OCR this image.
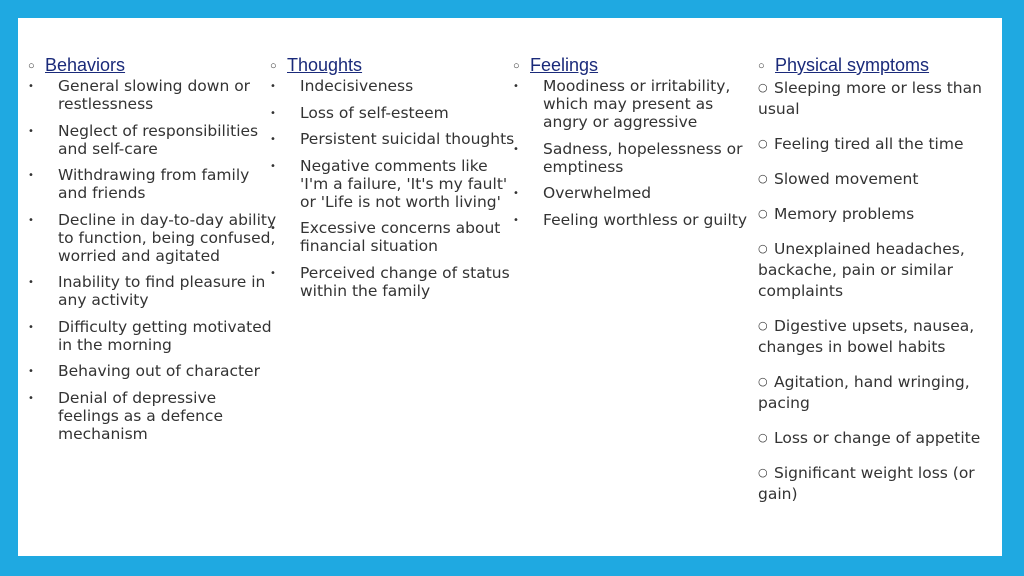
○ Behaviors
• General slowing down or restlessness
• Neglect of responsibilities and self-care
• Withdrawing from family and friends
• Decline in day-to-day ability to function, being confused, worried and agitated
• Inability to find pleasure in any activity
• Difficulty getting motivated in the morning
• Behaving out of character
• Denial of depressive feelings as a defence mechanism
○ Thoughts
• Indecisiveness
• Loss of self-esteem
• Persistent suicidal thoughts
• Negative comments like 'I'm a failure, 'It's my fault' or 'Life is not worth living'
• Excessive concerns about financial situation
• Perceived change of status within the family
○ Feelings
• Moodiness or irritability, which may present as angry or aggressive
• Sadness, hopelessness or emptiness
• Overwhelmed
• Feeling worthless or guilty
○ Physical symptoms
○ Sleeping more or less than usual
○ Feeling tired all the time
○ Slowed movement
○ Memory problems
○ Unexplained headaches, backache, pain or similar complaints
○ Digestive upsets, nausea, changes in bowel habits
○ Agitation, hand wringing, pacing
○ Loss or change of appetite
○ Significant weight loss (or gain)
